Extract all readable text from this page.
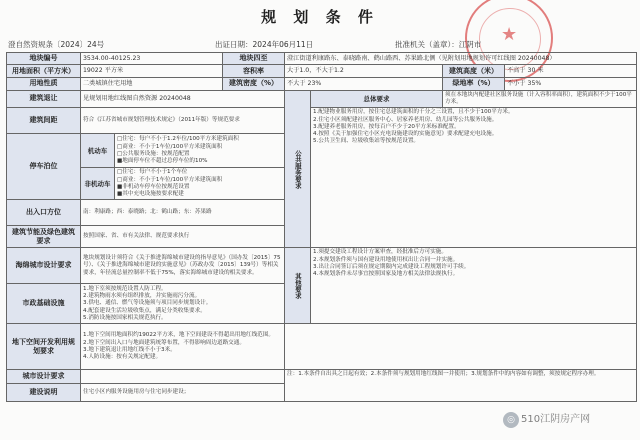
★
规 划 条 件
澄自然资规条〔2024〕24号	出证日期：2024年06月11日	批准机关（盖章）：江阴市
地块编号	3534.00-40125.23		地块四至	澄江街道利康路东、泰晓路南、鹤山路西、苏果路北侧（见附划用地规划许可红线图 20240048）			
用地面积（平方米）	19022 平方米		容积率	大于1.0，不大于1.2		建筑高度（米）	不高于 30 米
用地性质	二类城镇住宅用地		建筑密度（%）	不大于 23%		绿地率（%）	不小于 35%
建筑退让	见规划用地红线图自然资源 20240048			公共服务要求	总体要求	须在本地块内配建社区服务设施（计入容积率面积），建筑面积不少于100平方米。	
建筑间距	符合《江苏省城市规划管理技术规定》（2011年版）等规范要求				1.配建物业服务用房，按住宅总建筑面积的千分之三设置，且不少于100平方米。
2.住宅小区须配建社区服务中心、居家养老用房、幼儿园等公共服务设施。
3.配建养老服务用房，按每百户不少于20平方米标准配置。
4.按照《关于加强住宅小区充电设施建设的实施意见》要求配建充电设施。
5.公共卫生间、垃圾收集站等按规范设置。		
停车泊位	机动车	□住宅：每户不小于1.2车位/100平方米建筑面积
□商业：不小于1车位/100平方米建筑面积
□公共服务设施：按规范配置
■地面停车位不超过总停车位的10%					
	非机动车	□住宅：每户不小于1个车位
□商业：不小于1车位/100平方米建筑面积
■非机动车停车位按规范设置
■其中充电设施按要求配建					
出入口方位	南：利康路；西：泰晓路；北：鹤山路；东：苏果路						
建筑节能及绿色建筑要求	按照国家、省、市有关法律、规范要求执行						
海绵城市设计要求	地块规划设计须符合《关于推进海绵城市建设的指导意见》（国办发〔2015〕75号）、《关于推进海绵城市建设的实施意见》（苏政办发〔2015〕139号）等相关要求，年径流总量控制率不低于75%，落实海绵城市建设的相关要求。			其他要求	1.须提交建设工程设计方案审查，经批准后方可实施。
2.本规划条件须与国有建设用地使用权出让合同一并实施。
3.出让合同签订后须在规定期限内完成建设工程规划许可手续。
4.本规划条件未尽事宜按照国家及地方相关法律法规执行。		
市政基础设施	1.地下室须按规范设置人防工程。
2.建筑物雨水须有组织排放，并实施雨污分流。
3.供电、通信、燃气等设施须与项目同步规划设计。
4.配套建设生活垃圾收集点，满足分类收集要求。
5.消防设施按国家相关规范执行。						
地下空间开发利用规划要求	1.地下空间用地面积约19022平方米，地下空间建设不得超出用地红线范围。
2.地下空间出入口与地面建筑统筹布置，不得影响周边道路交通。
3.地下建筑退让用地红线不小于3米。
4.人防设施：按有关规定配建。						
城市设计要求				注：1.本条件自出具之日起有效；2.本条件须与规划用地红线图一并使用；3.规划条件中的内容如有调整，须按规定程序办理。			
建设说明	住宅小区内服务设施用房与住宅同步建设；						
◎ 510江阴房产网
